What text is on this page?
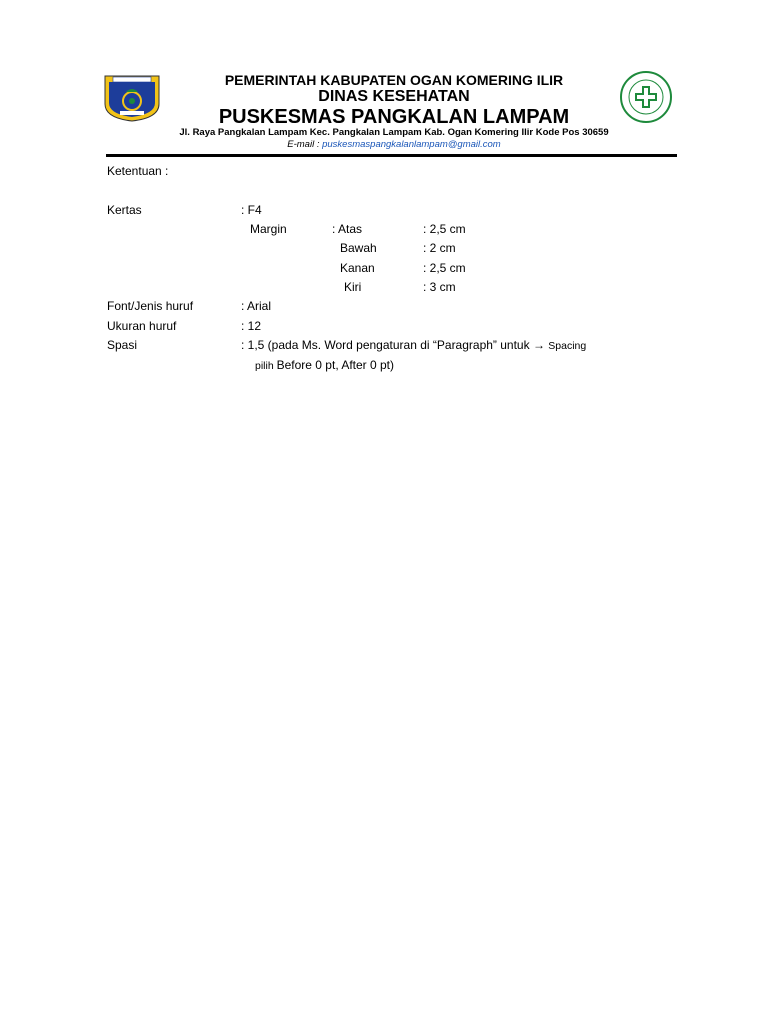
PEMERINTAH KABUPATEN OGAN KOMERING ILIR
DINAS KESEHATAN
PUSKESMAS PANGKALAN LAMPAM
Jl. Raya Pangkalan Lampam Kec. Pangkalan Lampam Kab. Ogan Komering Ilir Kode Pos 30659
E-mail : puskesmaspangkalanlampam@gmail.com
Ketentuan :
Kertas	: F4
Margin	: Atas	: 2,5 cm
Bawah	: 2 cm
Kanan	: 2,5 cm
Kiri	: 3 cm
Font/Jenis huruf	: Arial
Ukuran huruf	: 12
Spasi	: 1,5 (pada Ms. Word pengaturan di “Paragraph” untuk → Spacing
pilih Before 0 pt, After 0 pt)
